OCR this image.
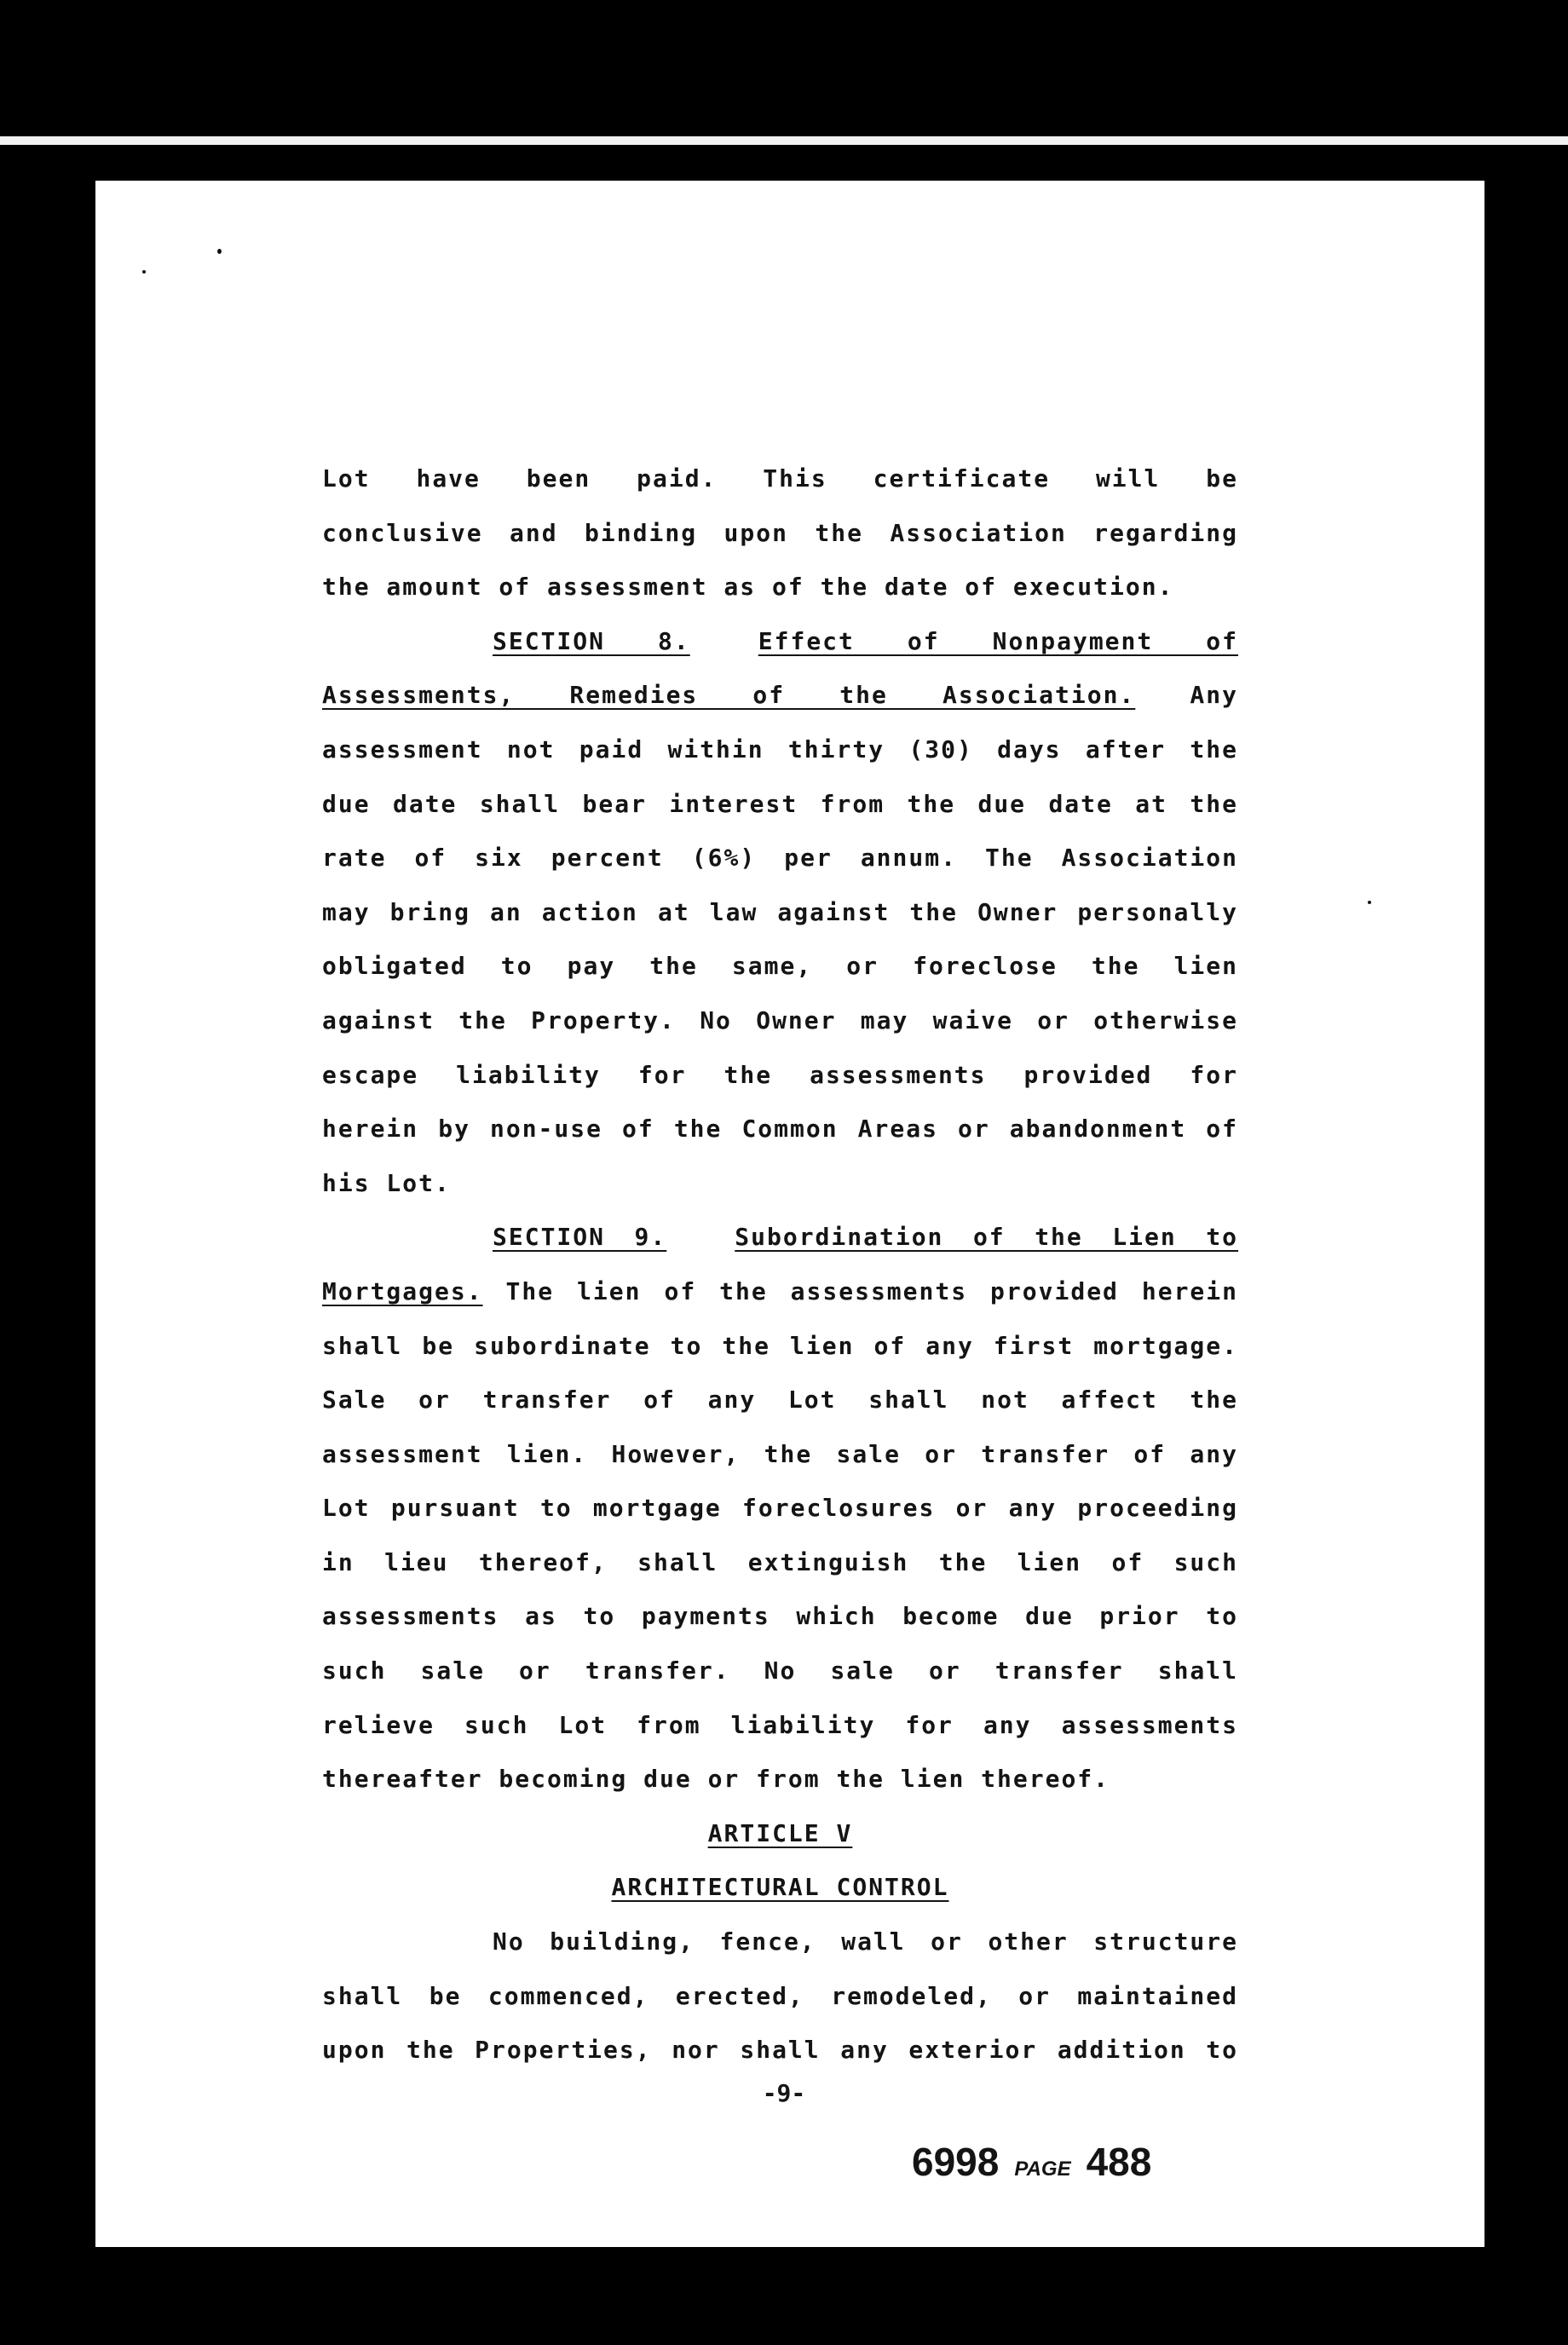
Lot have been paid. This certificate will be
conclusive and binding upon the Association regarding
the amount of assessment as of the date of execution.
SECTION 8.	Effect of Nonpayment of
Assessments, Remedies of the Association. Any
assessment not paid within thirty (30) days after the
due date shall bear interest from the due date at the
rate of six percent (6%) per annum. The Association
may bring an action at law against the Owner personally
obligated to pay the same, or foreclose the lien
against the Property. No Owner may waive or otherwise
escape liability for the assessments provided for
herein by non-use of the Common Areas or abandonment of
his Lot.
SECTION 9.	Subordination of the Lien to
Mortgages. The lien of the assessments provided herein
shall be subordinate to the lien of any first mortgage.
Sale or transfer of any Lot shall not affect the
assessment lien. However, the sale or transfer of any
Lot pursuant to mortgage foreclosures or any proceeding
in lieu thereof, shall extinguish the lien of such
assessments as to payments which become due prior to
such sale or transfer. No sale or transfer shall
relieve such Lot from liability for any assessments
thereafter becoming due or from the lien thereof.
ARTICLE V
ARCHITECTURAL CONTROL
No building, fence, wall or other structure
shall be commenced, erected, remodeled, or maintained
upon the Properties, nor shall any exterior addition to
-9-
6998 PAGE 488
